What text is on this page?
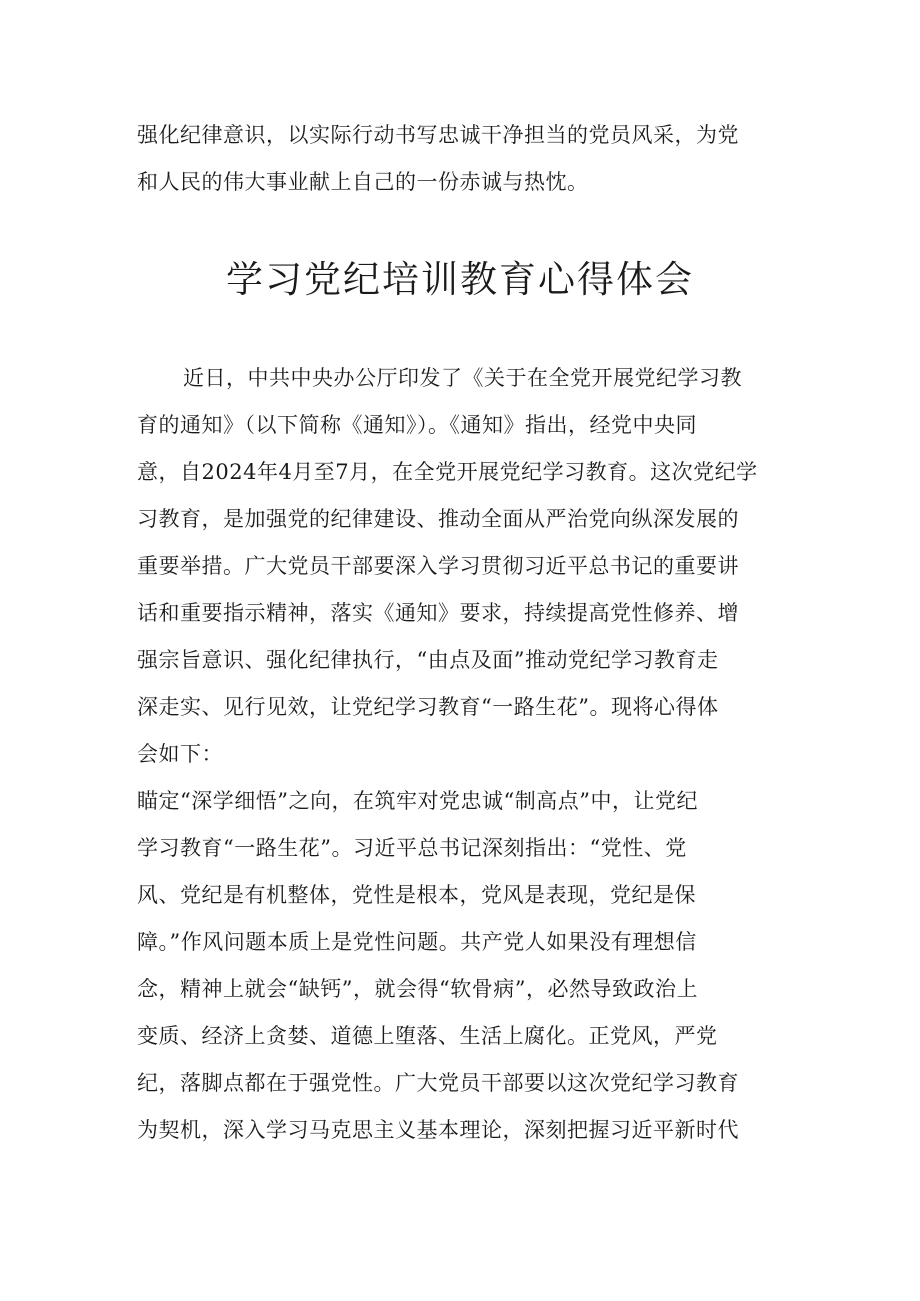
强化纪律意识，以实际行动书写忠诚干净担当的党员风采，为党
和人民的伟大事业献上自己的一份赤诚与热忱。
学习党纪培训教育心得体会
近日，中共中央办公厅印发了《关于在全党开展党纪学习教
育的通知》（以下简称《通知》）。《通知》指出，经党中央同
意，自2024年4月至7月，在全党开展党纪学习教育。这次党纪学
习教育，是加强党的纪律建设、推动全面从严治党向纵深发展的
重要举措。广大党员干部要深入学习贯彻习近平总书记的重要讲
话和重要指示精神，落实《通知》要求，持续提高党性修养、增
强宗旨意识、强化纪律执行，“由点及面”推动党纪学习教育走
深走实、见行见效，让党纪学习教育“一路生花”。现将心得体
会如下：
瞄定“深学细悟”之向，在筑牢对党忠诚“制高点”中，让党纪
学习教育“一路生花”。习近平总书记深刻指出：“党性、党
风、党纪是有机整体，党性是根本，党风是表现，党纪是保
障。”作风问题本质上是党性问题。共产党人如果没有理想信
念，精神上就会“缺钙”，就会得“软骨病”，必然导致政治上
变质、经济上贪婪、道德上堕落、生活上腐化。正党风，严党
纪，落脚点都在于强党性。广大党员干部要以这次党纪学习教育
为契机，深入学习马克思主义基本理论，深刻把握习近平新时代
